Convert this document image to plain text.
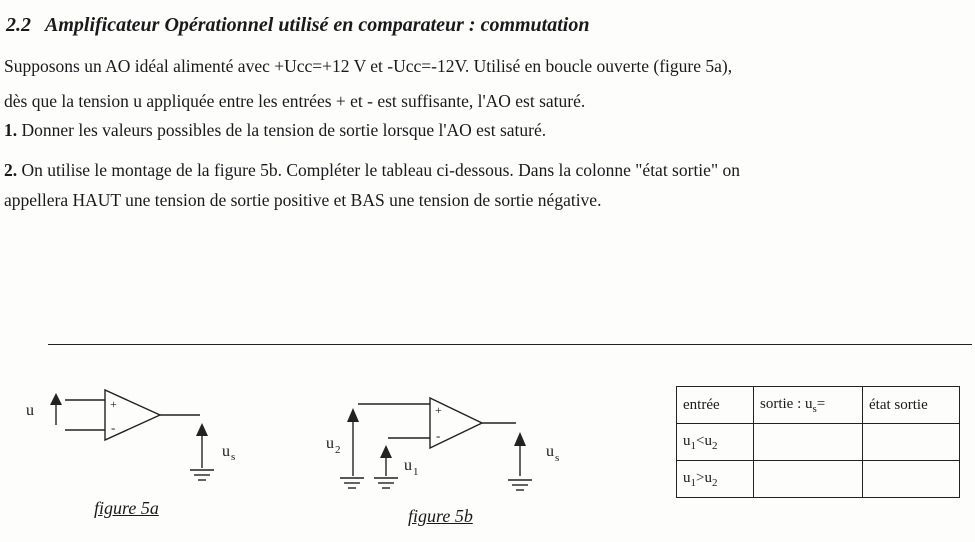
2.2 Amplificateur Opérationnel utilisé en comparateur : commutation

Supposons un AO idéal alimenté avec +Ucc=+12 V et -Ucc=-12V. Utilisé en boucle ouverte (figure 5a),

dès que la tension u appliquée entre les entrées + et - est suffisante, l'AO est saturé.

1. Donner les valeurs possibles de la tension de sortie lorsque l'AO est saturé.

2. On utilise le montage de la figure 5b. Compléter le tableau ci-dessous. Dans la colonne "état sortie" on

appellera HAUT une tension de sortie positive et BAS une tension de sortie négative.

+
-
u
u s
figure 5a
+
-
u 2
u 1
u s
figure 5b
entrée	sortie : $u_s=$	état sortie
$u_1<u_2$		
$u_1>u_2$		
